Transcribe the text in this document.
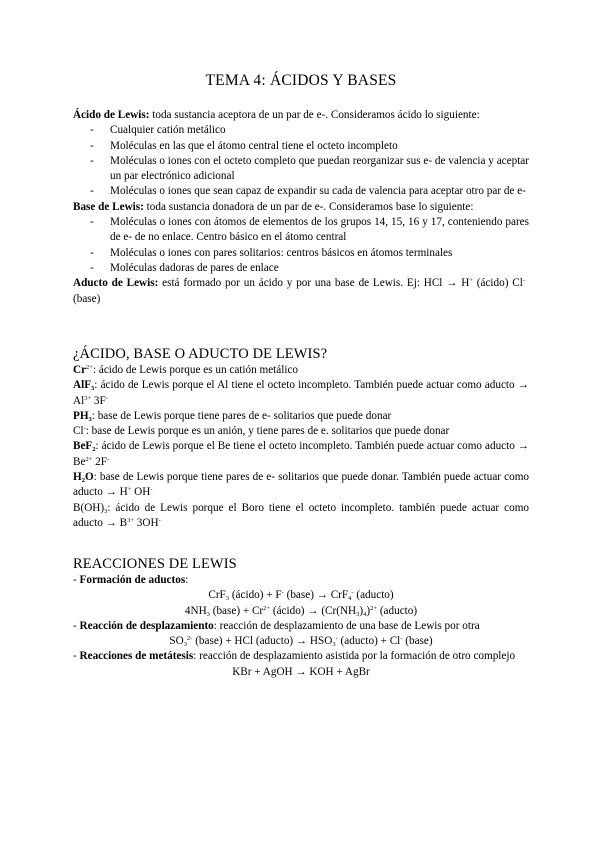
TEMA 4: ÁCIDOS Y BASES

Ácido de Lewis: toda sustancia aceptora de un par de e-. Consideramos ácido lo siguiente:

- Cualquier catión metálico
- Moléculas en las que el átomo central tiene el octeto incompleto
- Moléculas o iones con el octeto completo que puedan reorganizar sus e- de valencia y aceptar un par electrónico adicional
- Moléculas o iones que sean capaz de expandir su cada de valencia para aceptar otro par de e-

Base de Lewis: toda sustancia donadora de un par de e-. Consideramos base lo siguiente:

- Moléculas o iones con átomos de elementos de los grupos 14, 15, 16 y 17, conteniendo pares de e- de no enlace. Centro básico en el átomo central
- Moléculas o iones con pares solitarios: centros básicos en átomos terminales
- Moléculas dadoras de pares de enlace

Aducto de Lewis: está formado por un ácido y por una base de Lewis. Ej: HCl → H+ (ácido) Cl- (base)

¿ÁCIDO, BASE O ADUCTO DE LEWIS?

$Cr^{2+}$: ácido de Lewis porque es un catión metálico

AlF$_3$: ácido de Lewis porque el Al tiene el octeto incompleto. También puede actuar como aducto → $Al^{3+}$ 3F-

$PH_3$: base de Lewis porque tiene pares de e- solitarios que puede donar

Cl-: base de Lewis porque es un anión, y tiene pares de e. solitarios que puede donar

BeF$_2$: ácido de Lewis porque el Be tiene el octeto incompleto. También puede actuar como aducto → $Be^{2+}$ 2F-

$H_2O$: base de Lewis porque tiene pares de e- solitarios que puede donar. También puede actuar como aducto → H+ OH-

$B(OH)_3$: ácido de Lewis porque el Boro tiene el octeto incompleto. también puede actuar como aducto → $B^{3+}$ 3OH-

REACCIONES DE LEWIS

- Formación de aductos:

CrF$_3$ (ácido) + F- (base) → CrF$_4$- (aducto)

$4NH_3$ (base) + $Cr^{2+}$ (ácido) → $(Cr(NH_3)_4)^{2+}$ (aducto)

- Reacción de desplazamiento: reacción de desplazamiento de una base de Lewis por otra

$SO_3^{2-}$ (base) + HCl (aducto) → $HSO_3^-$ (aducto) + Cl- (base)

- Reacciones de metátesis: reacción de desplazamiento asistida por la formación de otro complejo

KBr + AgOH → KOH + AgBr
